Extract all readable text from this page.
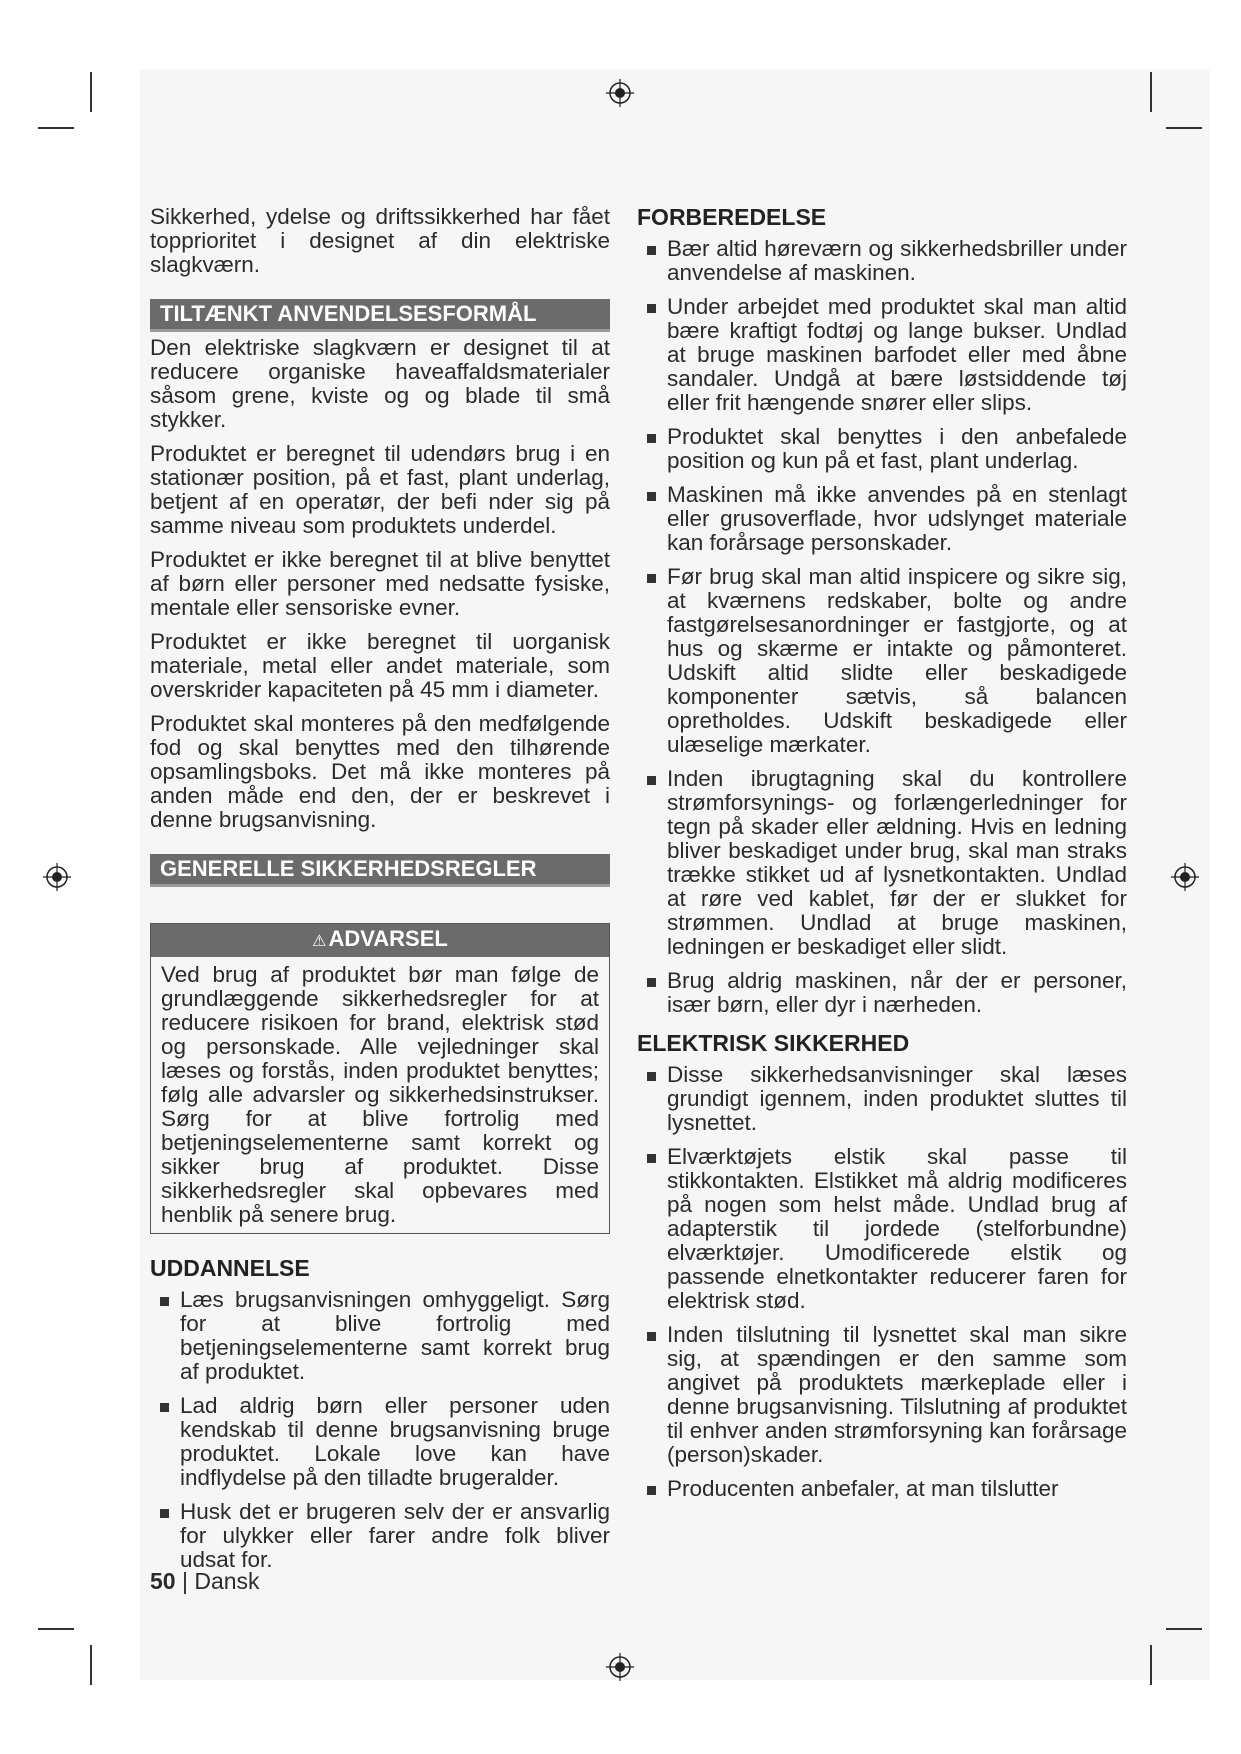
Sikkerhed, ydelse og driftssikkerhed har fået topprioritet i designet af din elektriske slagkværn.

TILTÆNKT ANVENDELSESFORMÅL

Den elektriske slagkværn er designet til at reducere organiske haveaffaldsmaterialer såsom grene, kviste og og blade til små stykker.

Produktet er beregnet til udendørs brug i en stationær position, på et fast, plant underlag, betjent af en operatør, der befi nder sig på samme niveau som produktets underdel.

Produktet er ikke beregnet til at blive benyttet af børn eller personer med nedsatte fysiske, mentale eller sensoriske evner.

Produktet er ikke beregnet til uorganisk materiale, metal eller andet materiale, som overskrider kapaciteten på 45 mm i diameter.

Produktet skal monteres på den medfølgende fod og skal benyttes med den tilhørende opsamlingsboks. Det må ikke monteres på anden måde end den, der er beskrevet i denne brugsanvisning.

GENERELLE SIKKERHEDSREGLER
⚠ADVARSEL
Ved brug af produktet bør man følge de grundlæggende sikkerhedsregler for at reducere risikoen for brand, elektrisk stød og personskade. Alle vejledninger skal læses og forstås, inden produktet benyttes; følg alle advarsler og sikkerhedsinstrukser. Sørg for at blive fortrolig med betjeningselementerne samt korrekt og sikker brug af produktet. Disse sikkerhedsregler skal opbevares med henblik på senere brug.
UDDANNELSE
Læs brugsanvisningen omhyggeligt. Sørg for at blive fortrolig med betjeningselementerne samt korrekt brug af produktet.
Lad aldrig børn eller personer uden kendskab til denne brugsanvisning bruge produktet. Lokale love kan have indflydelse på den tilladte brugeralder.
Husk det er brugeren selv der er ansvarlig for ulykker eller farer andre folk bliver udsat for.
FORBEREDELSE
Bær altid høreværn og sikkerhedsbriller under anvendelse af maskinen.
Under arbejdet med produktet skal man altid bære kraftigt fodtøj og lange bukser. Undlad at bruge maskinen barfodet eller med åbne sandaler. Undgå at bære løstsiddende tøj eller frit hængende snører eller slips.
Produktet skal benyttes i den anbefalede position og kun på et fast, plant underlag.
Maskinen må ikke anvendes på en stenlagt eller grusoverflade, hvor udslynget materiale kan forårsage personskader.
Før brug skal man altid inspicere og sikre sig, at kværnens redskaber, bolte og andre fastgørelsesanordninger er fastgjorte, og at hus og skærme er intakte og påmonteret. Udskift altid slidte eller beskadigede komponenter sætvis, så balancen opretholdes. Udskift beskadigede eller ulæselige mærkater.
Inden ibrugtagning skal du kontrollere strømforsynings- og forlængerledninger for tegn på skader eller ældning. Hvis en ledning bliver beskadiget under brug, skal man straks trække stikket ud af lysnetkontakten. Undlad at røre ved kablet, før der er slukket for strømmen. Undlad at bruge maskinen, ledningen er beskadiget eller slidt.
Brug aldrig maskinen, når der er personer, især børn, eller dyr i nærheden.
ELEKTRISK SIKKERHED
Disse sikkerhedsanvisninger skal læses grundigt igennem, inden produktet sluttes til lysnettet.
Elværktøjets elstik skal passe til stikkontakten. Elstikket må aldrig modificeres på nogen som helst måde. Undlad brug af adapterstik til jordede (stelforbundne) elværktøjer. Umodificerede elstik og passende elnetkontakter reducerer faren for elektrisk stød.
Inden tilslutning til lysnettet skal man sikre sig, at spændingen er den samme som angivet på produktets mærkeplade eller i denne brugsanvisning. Tilslutning af produktet til enhver anden strømforsyning kan forårsage (person)skader.
Producenten anbefaler, at man tilslutter
50 | Dansk
